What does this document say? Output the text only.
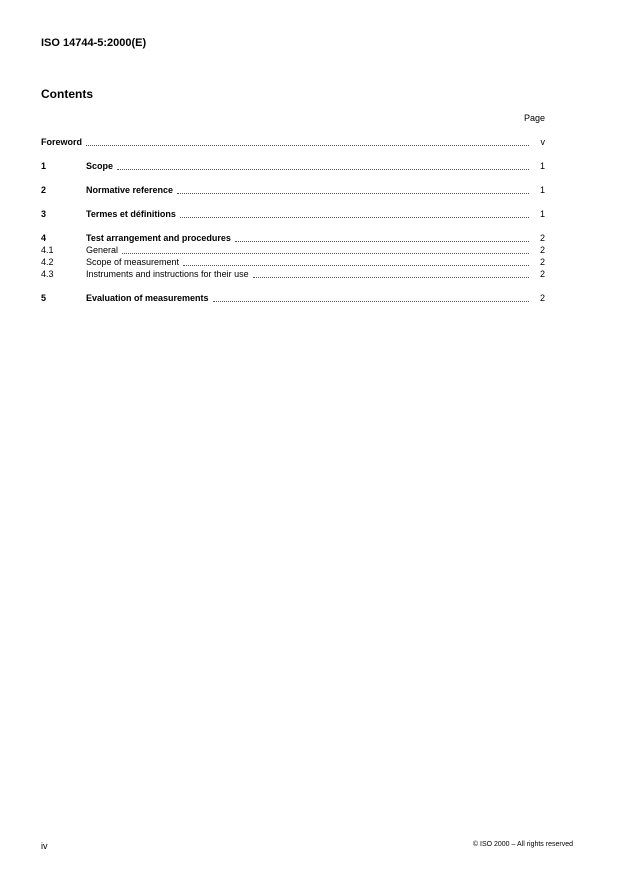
ISO 14744-5:2000(E)
Contents
Page
Foreword	v
1	Scope	1
2	Normative reference	1
3	Termes et définitions	1
4	Test arrangement and procedures	2
4.1	General	2
4.2	Scope of measurement	2
4.3	Instruments and instructions for their use	2
5	Evaluation of measurements	2
iv	© ISO 2000 – All rights reserved
